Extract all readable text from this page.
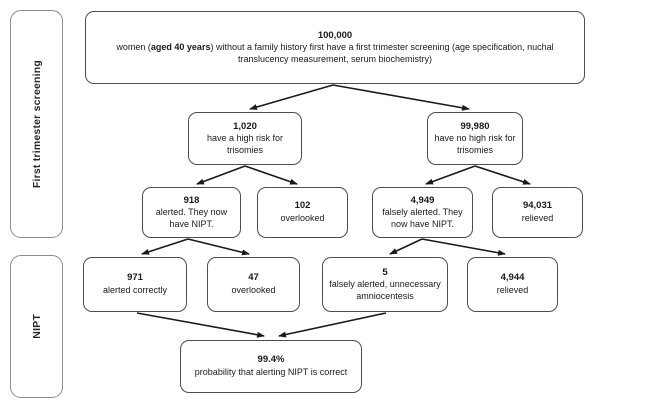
First trimester screening
NIPT
100,000
women (aged 40 years) without a family history first have a first trimester screening (age specification, nuchal translucency measurement, serum biochemistry)
1,020
have a high risk for trisomies
99,980
have no high risk for trisomies
918
alerted. They now have NIPT.
102
overlooked
4,949
falsely alerted. They now have NIPT.
94,031
relieved
971
alerted correctly
47
overlooked
5
falsely alerted, unnecessary amniocentesis
4,944
relieved
99.4%
probability that alerting NIPT is correct
